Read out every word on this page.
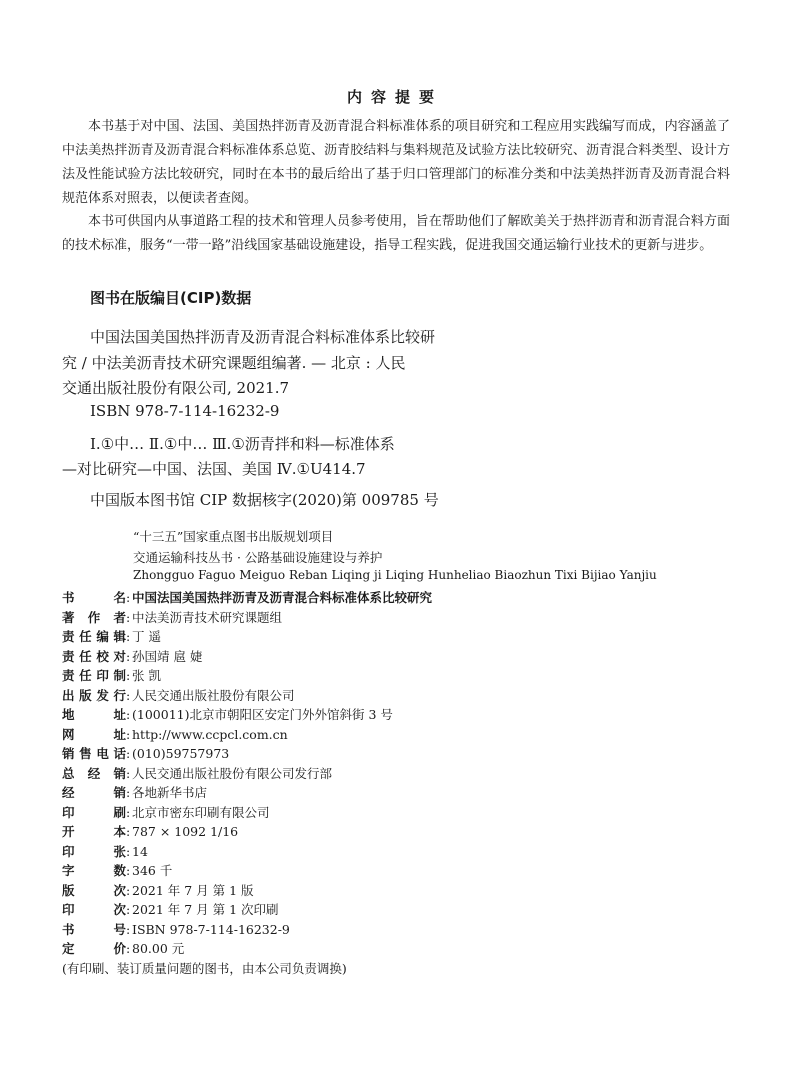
内容提要

本书基于对中国、法国、美国热拌沥青及沥青混合料标准体系的项目研究和工程应用实践编写而成，内容涵盖了中法美热拌沥青及沥青混合料标准体系总览、沥青胶结料与集料规范及试验方法比较研究、沥青混合料类型、设计方法及性能试验方法比较研究，同时在本书的最后给出了基于归口管理部门的标准分类和中法美热拌沥青及沥青混合料规范体系对照表，以便读者查阅。

本书可供国内从事道路工程的技术和管理人员参考使用，旨在帮助他们了解欧美关于热拌沥青和沥青混合料方面的技术标准，服务“一带一路”沿线国家基础设施建设，指导工程实践，促进我国交通运输行业技术的更新与进步。

图书在版编目(CIP)数据
中国法国美国热拌沥青及沥青混合料标准体系比较研
究 / 中法美沥青技术研究课题组编著. — 北京 : 人民
交通出版社股份有限公司, 2021.7
ISBN 978-7-114-16232-9
Ⅰ.①中… Ⅱ.①中… Ⅲ.①沥青拌和料—标准体系
—对比研究—中国、法国、美国 Ⅳ.①U414.7
中国版本图书馆 CIP 数据核字(2020)第 009785 号
“十三五”国家重点图书出版规划项目
交通运输科技丛书 · 公路基础设施建设与养护
Zhongguo Faguo Meiguo Reban Liqing ji Liqing Hunheliao Biaozhun Tixi Bijiao Yanjiu
书名 : 中国法国美国热拌沥青及沥青混合料标准体系比较研究
著作者 : 中法美沥青技术研究课题组
责任编辑 : 丁 遥
责任校对 : 孙国靖 扈 婕
责任印制 : 张 凯
出版发行 : 人民交通出版社股份有限公司
地址 : (100011)北京市朝阳区安定门外外馆斜街 3 号
网址 : http://www.ccpcl.com.cn
销售电话 : (010)59757973
总经销 : 人民交通出版社股份有限公司发行部
经销 : 各地新华书店
印刷 : 北京市密东印刷有限公司
开本 : 787 × 1092 1/16
印张 : 14
字数 : 346 千
版次 : 2021 年 7 月 第 1 版
印次 : 2021 年 7 月 第 1 次印刷
书号 : ISBN 978-7-114-16232-9
定价 : 80.00 元
(有印刷、装订质量问题的图书，由本公司负责调换)
